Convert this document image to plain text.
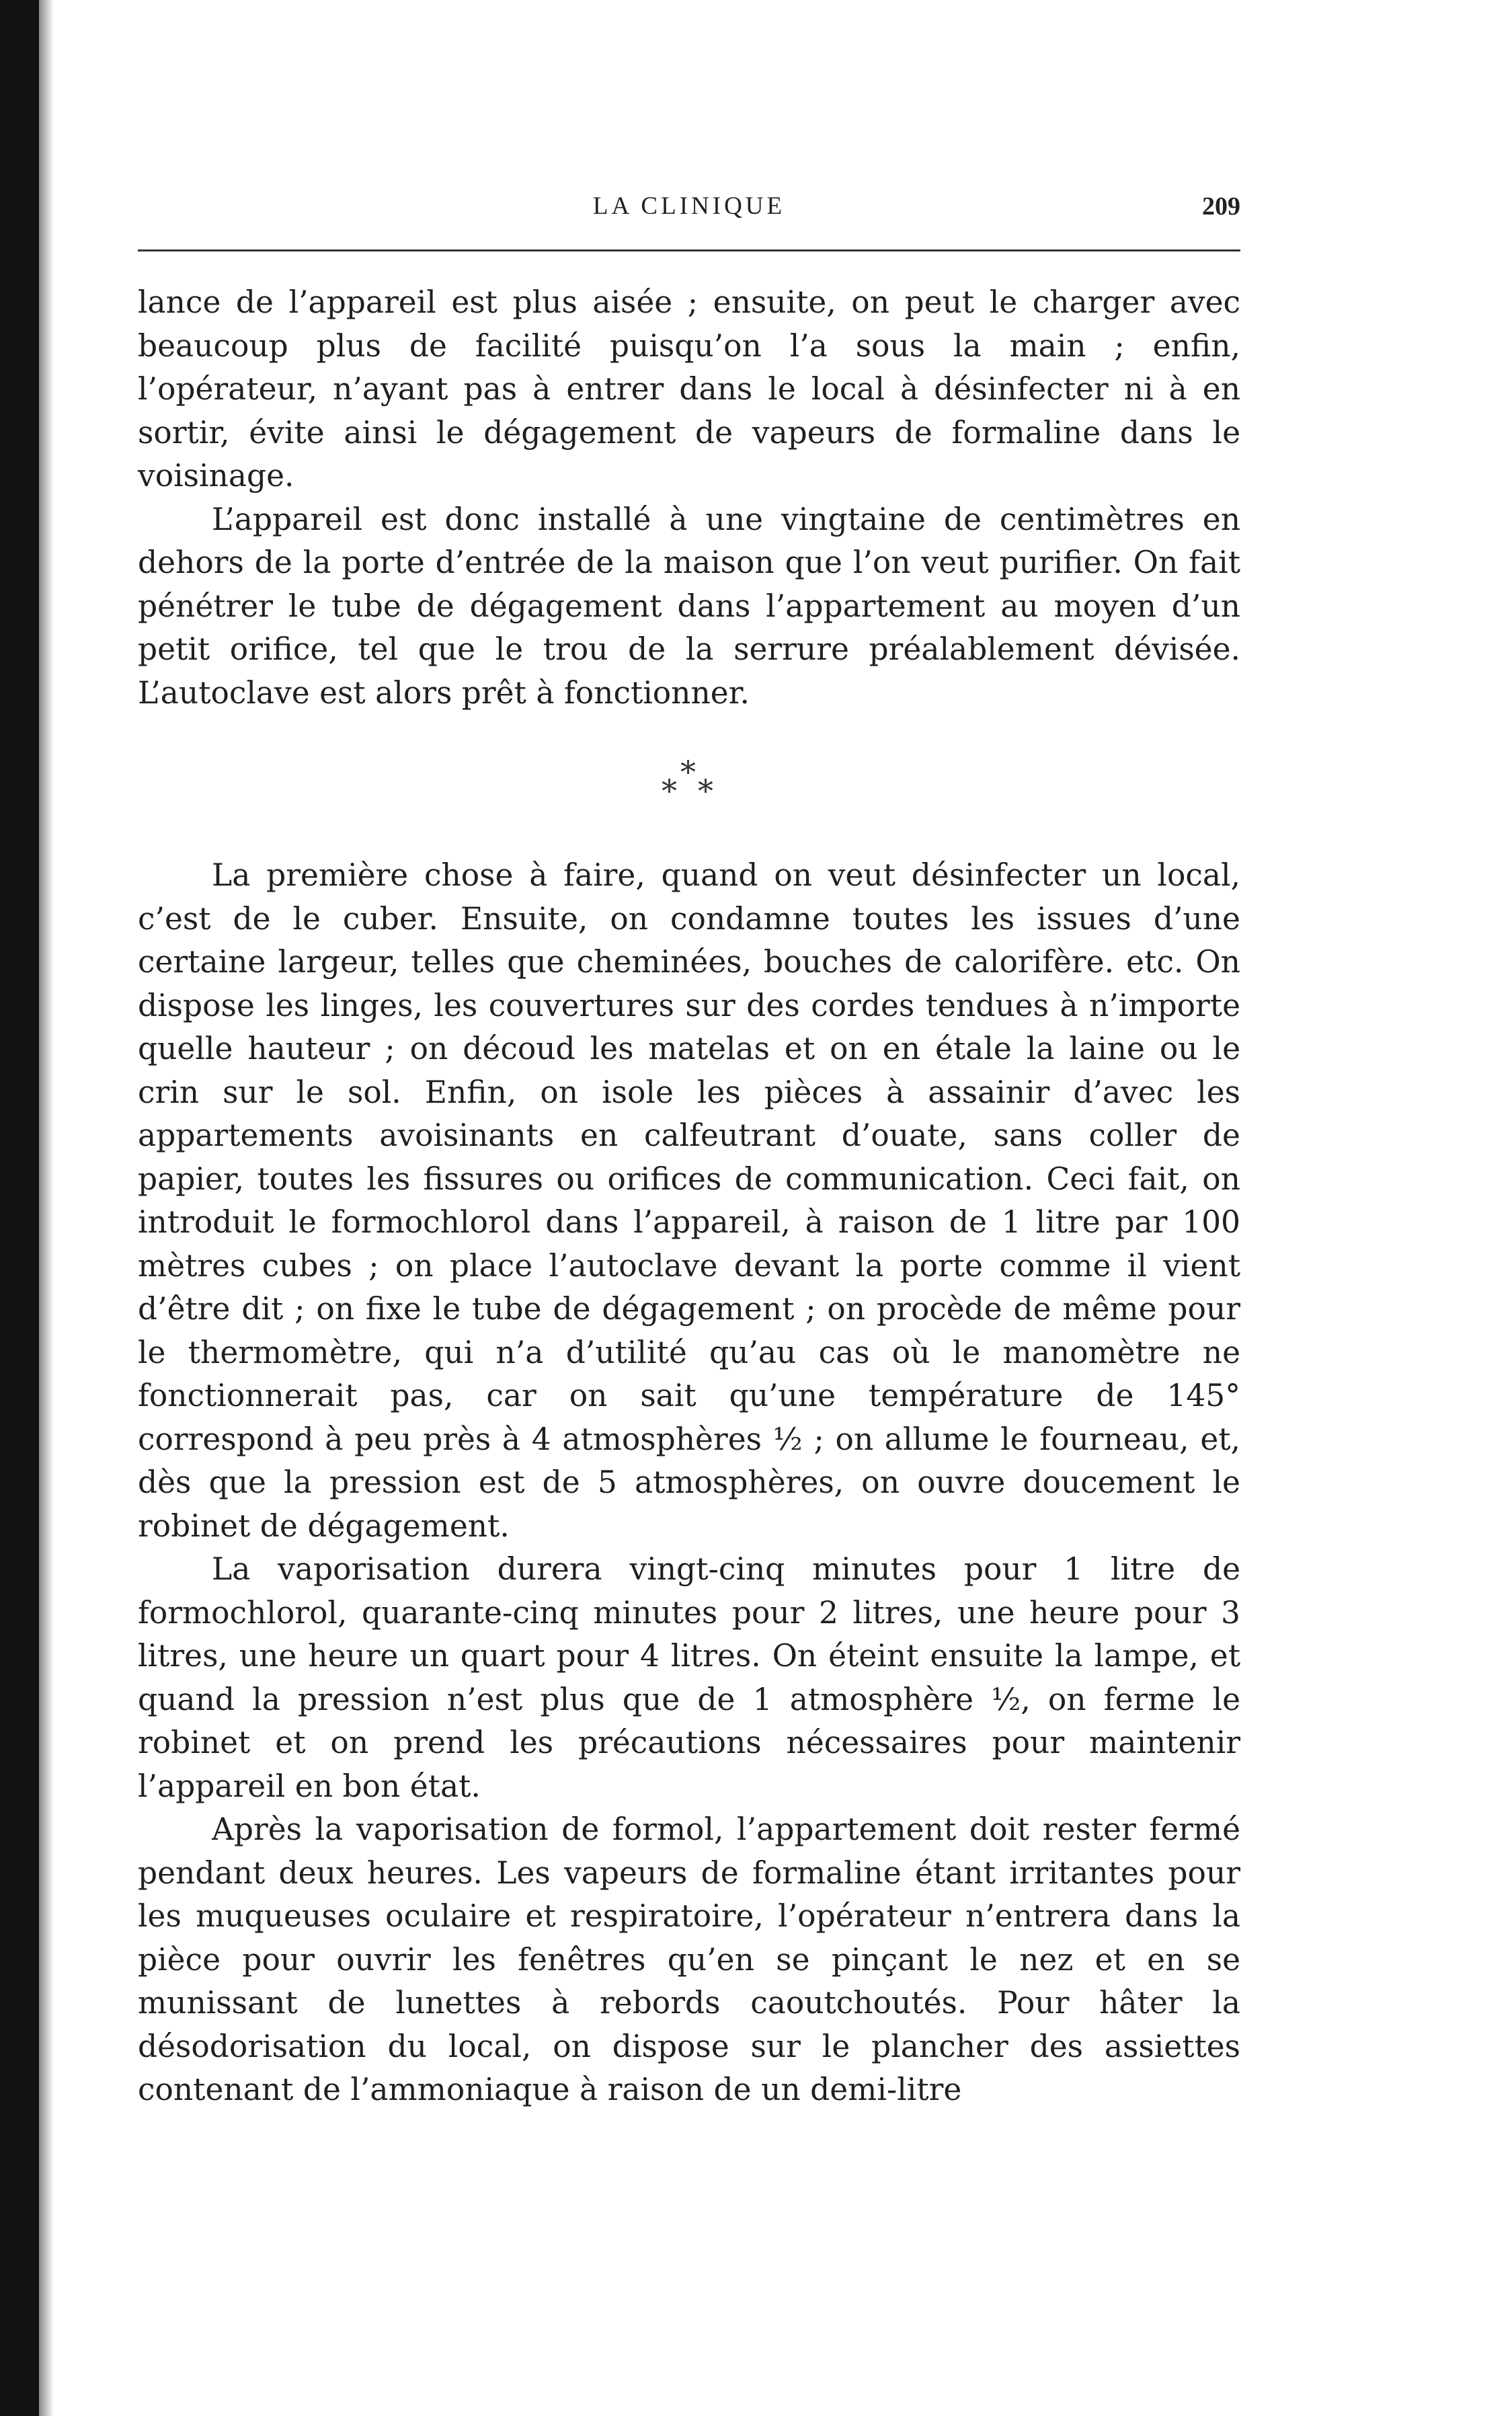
LA CLINIQUE	209

lance de l’appareil est plus aisée ; ensuite, on peut le charger avec beaucoup plus de facilité puisqu’on l’a sous la main ; enfin, l’opérateur, n’ayant pas à entrer dans le local à désinfecter ni à en sortir, évite ainsi le dégagement de vapeurs de formaline dans le voisinage.

L’appareil est donc installé à une vingtaine de centimètres en dehors de la porte d’entrée de la maison que l’on veut purifier. On fait pénétrer le tube de dégagement dans l’appartement au moyen d’un petit orifice, tel que le trou de la serrure préalablement dévisée. L’autoclave est alors prêt à fonctionner.

*
* *

La première chose à faire, quand on veut désinfecter un local, c’est de le cuber. Ensuite, on condamne toutes les issues d’une certaine largeur, telles que cheminées, bouches de calorifère. etc. On dispose les linges, les couvertures sur des cordes tendues à n’importe quelle hauteur ; on découd les matelas et on en étale la laine ou le crin sur le sol. Enfin, on isole les pièces à assainir d’avec les appartements avoisinants en calfeutrant d’ouate, sans coller de papier, toutes les fissures ou orifices de communication. Ceci fait, on introduit le formochlorol dans l’appareil, à raison de 1 litre par 100 mètres cubes ; on place l’autoclave devant la porte comme il vient d’être dit ; on fixe le tube de dégagement ; on procède de même pour le thermomètre, qui n’a d’utilité qu’au cas où le manomètre ne fonctionnerait pas, car on sait qu’une température de 145° correspond à peu près à 4 atmosphères ½ ; on allume le fourneau, et, dès que la pression est de 5 atmosphères, on ouvre doucement le robinet de dégagement.

La vaporisation durera vingt-cinq minutes pour 1 litre de formochlorol, quarante-cinq minutes pour 2 litres, une heure pour 3 litres, une heure un quart pour 4 litres. On éteint ensuite la lampe, et quand la pression n’est plus que de 1 atmosphère ½, on ferme le robinet et on prend les précautions nécessaires pour maintenir l’appareil en bon état.

Après la vaporisation de formol, l’appartement doit rester fermé pendant deux heures. Les vapeurs de formaline étant irritantes pour les muqueuses oculaire et respiratoire, l’opérateur n’entrera dans la pièce pour ouvrir les fenêtres qu’en se pinçant le nez et en se munissant de lunettes à rebords caoutchoutés. Pour hâter la désodorisation du local, on dispose sur le plancher des assiettes contenant de l’ammoniaque à raison de un demi-litre
